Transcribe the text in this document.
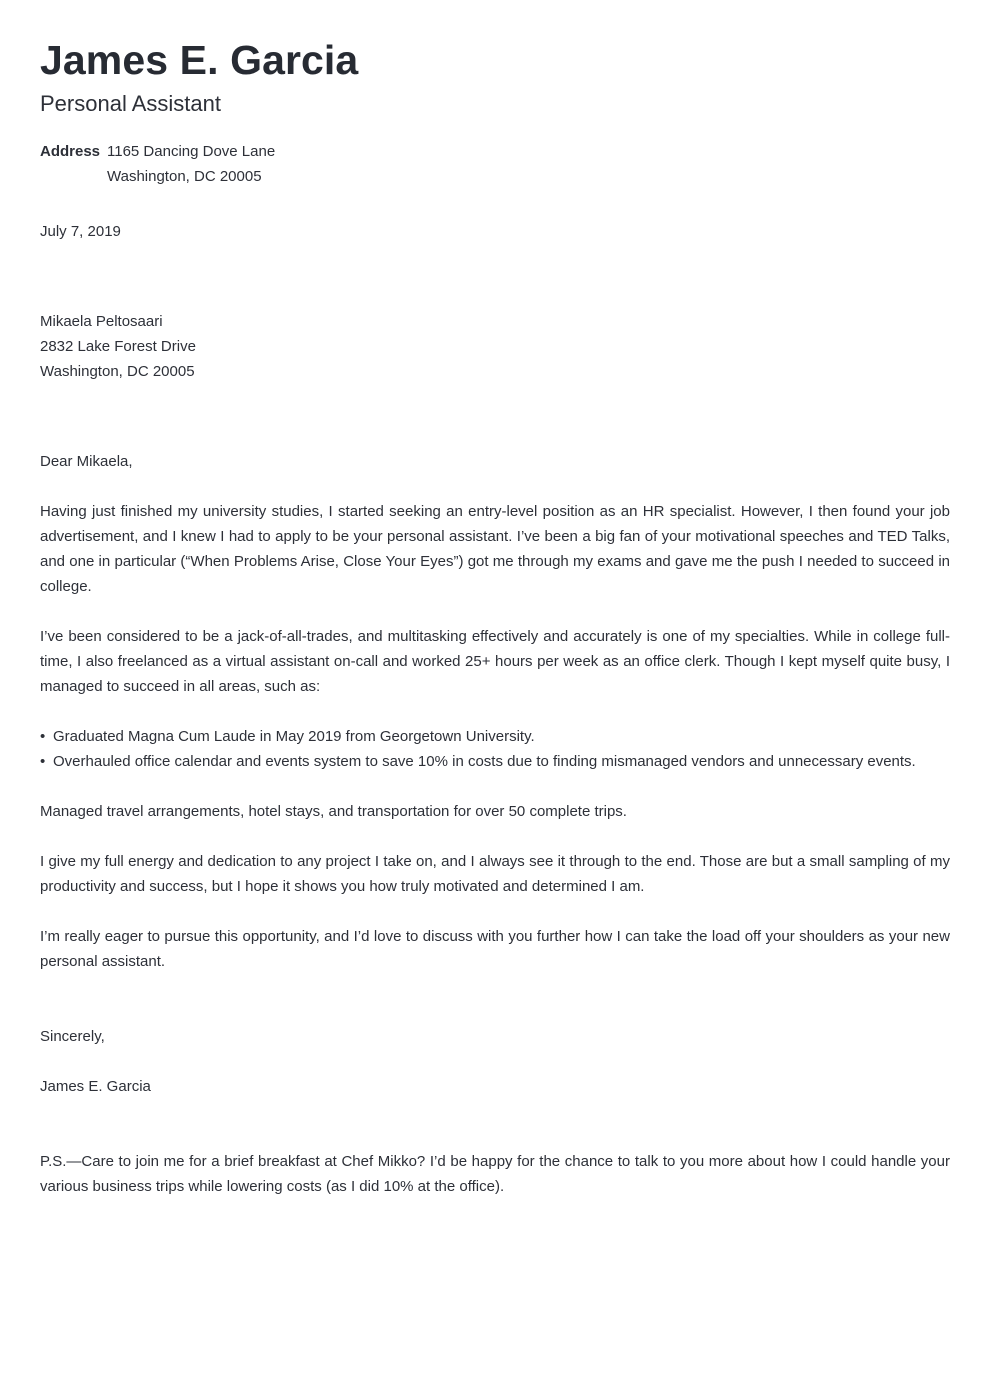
James E. Garcia
Personal Assistant
Address 1165 Dancing Dove Lane
Washington, DC 20005
July 7, 2019
Mikaela Peltosaari
2832 Lake Forest Drive
Washington, DC 20005

Dear Mikaela,

Having just finished my university studies, I started seeking an entry-level position as an HR specialist. However, I then found your job advertisement, and I knew I had to apply to be your personal assistant. I’ve been a big fan of your motivational speeches and TED Talks, and one in particular (“When Problems Arise, Close Your Eyes”) got me through my exams and gave me the push I needed to succeed in college.

I’ve been considered to be a jack-of-all-trades, and multitasking effectively and accurately is one of my specialties. While in college full-time, I also freelanced as a virtual assistant on-call and worked 25+ hours per week as an office clerk. Though I kept myself quite busy, I managed to succeed in all areas, such as:

• Graduated Magna Cum Laude in May 2019 from Georgetown University.
• Overhauled office calendar and events system to save 10% in costs due to finding mismanaged vendors and unnecessary events.

Managed travel arrangements, hotel stays, and transportation for over 50 complete trips.

I give my full energy and dedication to any project I take on, and I always see it through to the end. Those are but a small sampling of my productivity and success, but I hope it shows you how truly motivated and determined I am.

I’m really eager to pursue this opportunity, and I’d love to discuss with you further how I can take the load off your shoulders as your new personal assistant.

Sincerely,
James E. Garcia

P.S.—Care to join me for a brief breakfast at Chef Mikko? I’d be happy for the chance to talk to you more about how I could handle your various business trips while lowering costs (as I did 10% at the office).
